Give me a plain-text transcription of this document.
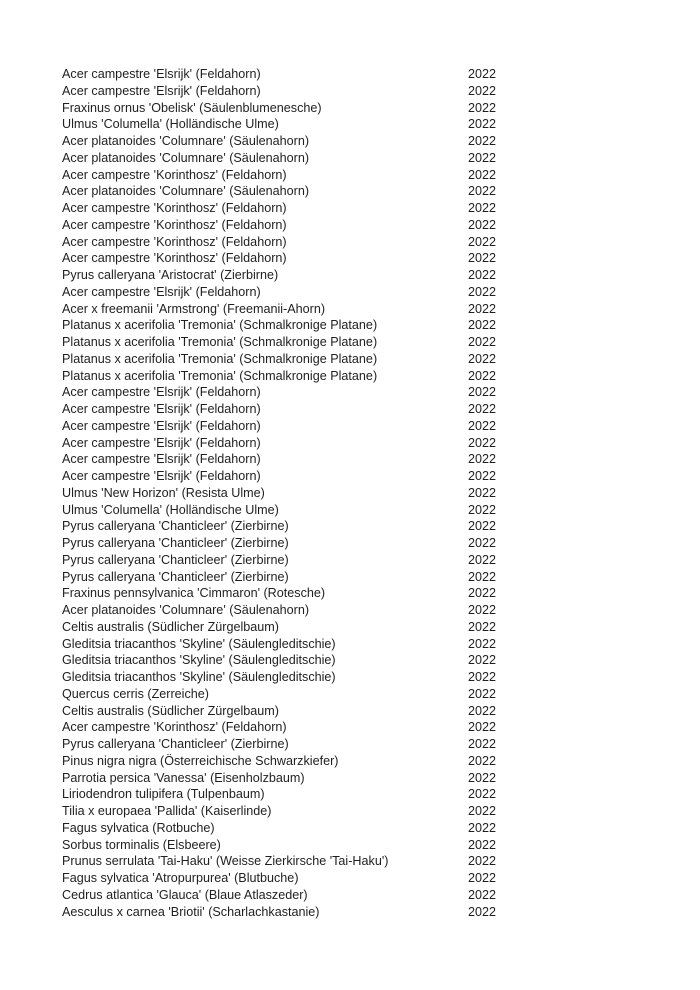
Acer campestre 'Elsrijk' (Feldahorn)	2022
Acer campestre 'Elsrijk' (Feldahorn)	2022
Fraxinus ornus 'Obelisk' (Säulenblumenesche)	2022
Ulmus 'Columella' (Holländische Ulme)	2022
Acer platanoides 'Columnare' (Säulenahorn)	2022
Acer platanoides 'Columnare' (Säulenahorn)	2022
Acer campestre 'Korinthosz' (Feldahorn)	2022
Acer platanoides 'Columnare' (Säulenahorn)	2022
Acer campestre 'Korinthosz' (Feldahorn)	2022
Acer campestre 'Korinthosz' (Feldahorn)	2022
Acer campestre 'Korinthosz' (Feldahorn)	2022
Acer campestre 'Korinthosz' (Feldahorn)	2022
Pyrus calleryana 'Aristocrat' (Zierbirne)	2022
Acer campestre 'Elsrijk' (Feldahorn)	2022
Acer x freemanii 'Armstrong' (Freemanii-Ahorn)	2022
Platanus x acerifolia 'Tremonia' (Schmalkronige Platane)	2022
Platanus x acerifolia 'Tremonia' (Schmalkronige Platane)	2022
Platanus x acerifolia 'Tremonia' (Schmalkronige Platane)	2022
Platanus x acerifolia 'Tremonia' (Schmalkronige Platane)	2022
Acer campestre 'Elsrijk' (Feldahorn)	2022
Acer campestre 'Elsrijk' (Feldahorn)	2022
Acer campestre 'Elsrijk' (Feldahorn)	2022
Acer campestre 'Elsrijk' (Feldahorn)	2022
Acer campestre 'Elsrijk' (Feldahorn)	2022
Acer campestre 'Elsrijk' (Feldahorn)	2022
Ulmus 'New Horizon' (Resista Ulme)	2022
Ulmus 'Columella' (Holländische Ulme)	2022
Pyrus calleryana 'Chanticleer' (Zierbirne)	2022
Pyrus calleryana 'Chanticleer' (Zierbirne)	2022
Pyrus calleryana 'Chanticleer' (Zierbirne)	2022
Pyrus calleryana 'Chanticleer' (Zierbirne)	2022
Fraxinus pennsylvanica 'Cimmaron' (Rotesche)	2022
Acer platanoides 'Columnare' (Säulenahorn)	2022
Celtis australis (Südlicher Zürgelbaum)	2022
Gleditsia triacanthos 'Skyline' (Säulengleditschie)	2022
Gleditsia triacanthos 'Skyline' (Säulengleditschie)	2022
Gleditsia triacanthos 'Skyline' (Säulengleditschie)	2022
Quercus cerris (Zerreiche)	2022
Celtis australis (Südlicher Zürgelbaum)	2022
Acer campestre 'Korinthosz' (Feldahorn)	2022
Pyrus calleryana 'Chanticleer' (Zierbirne)	2022
Pinus nigra nigra (Österreichische Schwarzkiefer)	2022
Parrotia persica 'Vanessa' (Eisenholzbaum)	2022
Liriodendron tulipifera (Tulpenbaum)	2022
Tilia x europaea 'Pallida' (Kaiserlinde)	2022
Fagus sylvatica (Rotbuche)	2022
Sorbus torminalis (Elsbeere)	2022
Prunus serrulata 'Tai-Haku' (Weisse Zierkirsche 'Tai-Haku')	2022
Fagus sylvatica 'Atropurpurea' (Blutbuche)	2022
Cedrus atlantica 'Glauca' (Blaue Atlaszeder)	2022
Aesculus x carnea 'Briotii' (Scharlachkastanie)	2022
